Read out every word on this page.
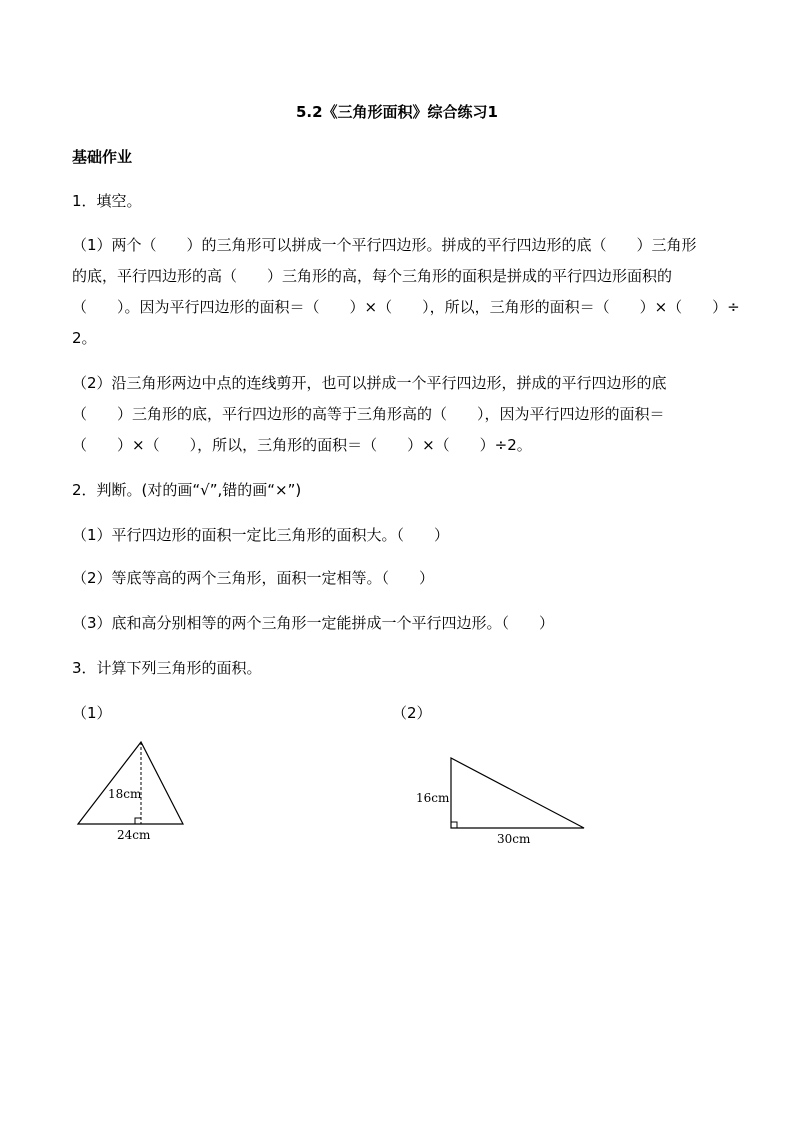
5.2《三角形面积》综合练习1
基础作业
1．填空。
（1）两个（　　）的三角形可以拼成一个平行四边形。拼成的平行四边形的底（　　）三角形
的底，平行四边形的高（　　）三角形的高，每个三角形的面积是拼成的平行四边形面积的
（　　）。因为平行四边形的面积＝（　　）×（　　），所以，三角形的面积＝（　　）×（　　）÷
2。
（2）沿三角形两边中点的连线剪开，也可以拼成一个平行四边形，拼成的平行四边形的底
（　　）三角形的底，平行四边形的高等于三角形高的（　　），因为平行四边形的面积＝
（　　）×（　　），所以，三角形的面积＝（　　）×（　　）÷2。
2．判断。(对的画“√”,错的画“×”)
（1）平行四边形的面积一定比三角形的面积大。（　　）
（2）等底等高的两个三角形，面积一定相等。（　　）
（3）底和高分别相等的两个三角形一定能拼成一个平行四边形。（　　）
3．计算下列三角形的面积。
（1）	（2）
18cm
24cm
16cm
30cm
